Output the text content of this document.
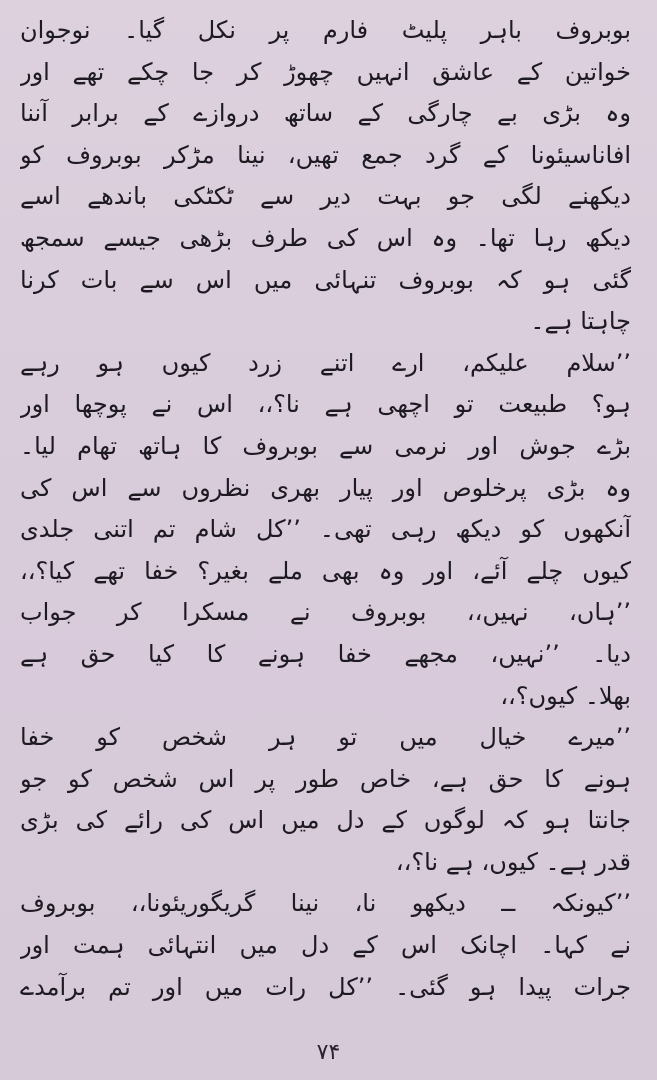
بوبروف باہر پلیٹ فارم پر نکل گیا۔ نوجوان
خواتین کے عاشق انہیں چھوڑ کر جا چکے تھے اور
وہ بڑی بے چارگی کے ساتھ دروازے کے برابر آننا
افاناسیئونا کے گرد جمع تھیں، نینا مڑکر بوبروف کو
دیکھنے لگی جو بہت دیر سے ٹکٹکی باندھے اسے
دیکھ رہا تھا۔ وہ اس کی طرف بڑھی جیسے سمجھ
گئی ہو کہ بوبروف تنہائی میں اس سے بات کرنا
چاہتا ہے۔
’’سلام علیکم، ارے اتنے زرد کیوں ہو رہے
ہو؟ طبیعت تو اچھی ہے نا؟،، اس نے پوچھا اور
بڑے جوش اور نرمی سے بوبروف کا ہاتھ تھام لیا۔
وہ بڑی پرخلوص اور پیار بھری نظروں سے اس کی
آنکھوں کو دیکھ رہی تھی۔ ’’کل شام تم اتنی جلدی
کیوں چلے آئے، اور وہ بھی ملے بغیر؟ خفا تھے کیا؟،،
’’ہاں، نہیں،، بوبروف نے مسکرا کر جواب
دیا۔ ’’نہیں، مجھے خفا ہونے کا کیا حق ہے
بھلا۔ کیوں؟،،
’’میرے خیال میں تو ہر شخص کو خفا
ہونے کا حق ہے، خاص طور پر اس شخص کو جو
جانتا ہو کہ لوگوں کے دل میں اس کی رائے کی بڑی
قدر ہے۔ کیوں، ہے نا؟،،
’’کیونکہ ــ دیکھو نا، نینا گریگوریئونا،، بوبروف
نے کہا۔ اچانک اس کے دل میں انتہائی ہمت اور
جرات پیدا ہو گئی۔ ’’کل رات میں اور تم برآمدے
۷۴
